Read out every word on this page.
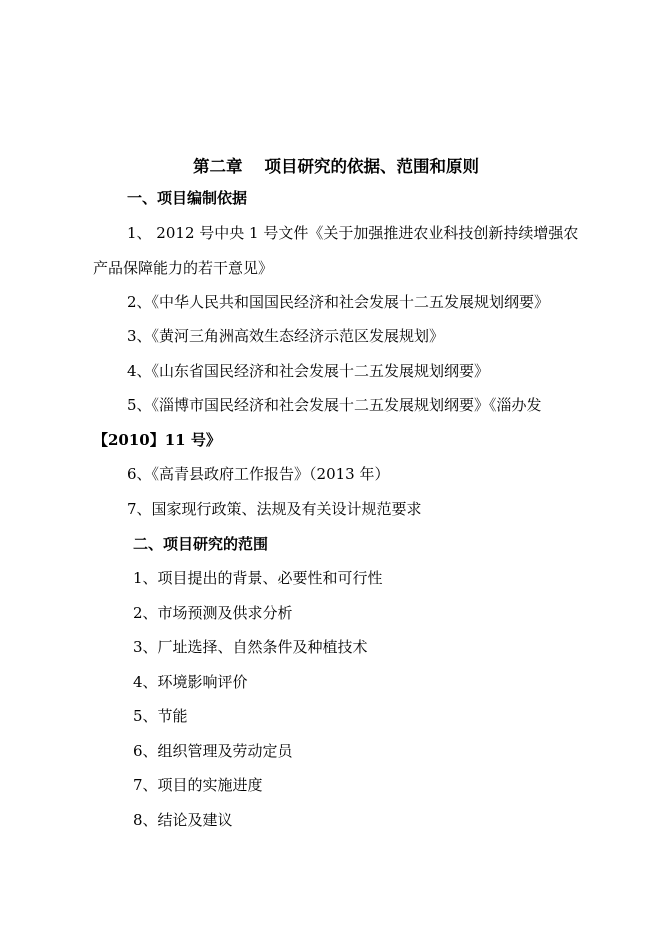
第二章 项目研究的依据、范围和原则
一、项目编制依据
1、 2012 号中央 1 号文件《关于加强推进农业科技创新持续增强农
产品保障能力的若干意见》
2、《中华人民共和国国民经济和社会发展十二五发展规划纲要》
3、《黄河三角洲高效生态经济示范区发展规划》
4、《山东省国民经济和社会发展十二五发展规划纲要》
5、《淄博市国民经济和社会发展十二五发展规划纲要》《淄办发
【2010】11 号》
6、《高青县政府工作报告》（2013 年）
7、国家现行政策、法规及有关设计规范要求
二、项目研究的范围
1、项目提出的背景、必要性和可行性
2、市场预测及供求分析
3、厂址选择、自然条件及种植技术
4、环境影响评价
5、节能
6、组织管理及劳动定员
7、项目的实施进度
8、结论及建议
